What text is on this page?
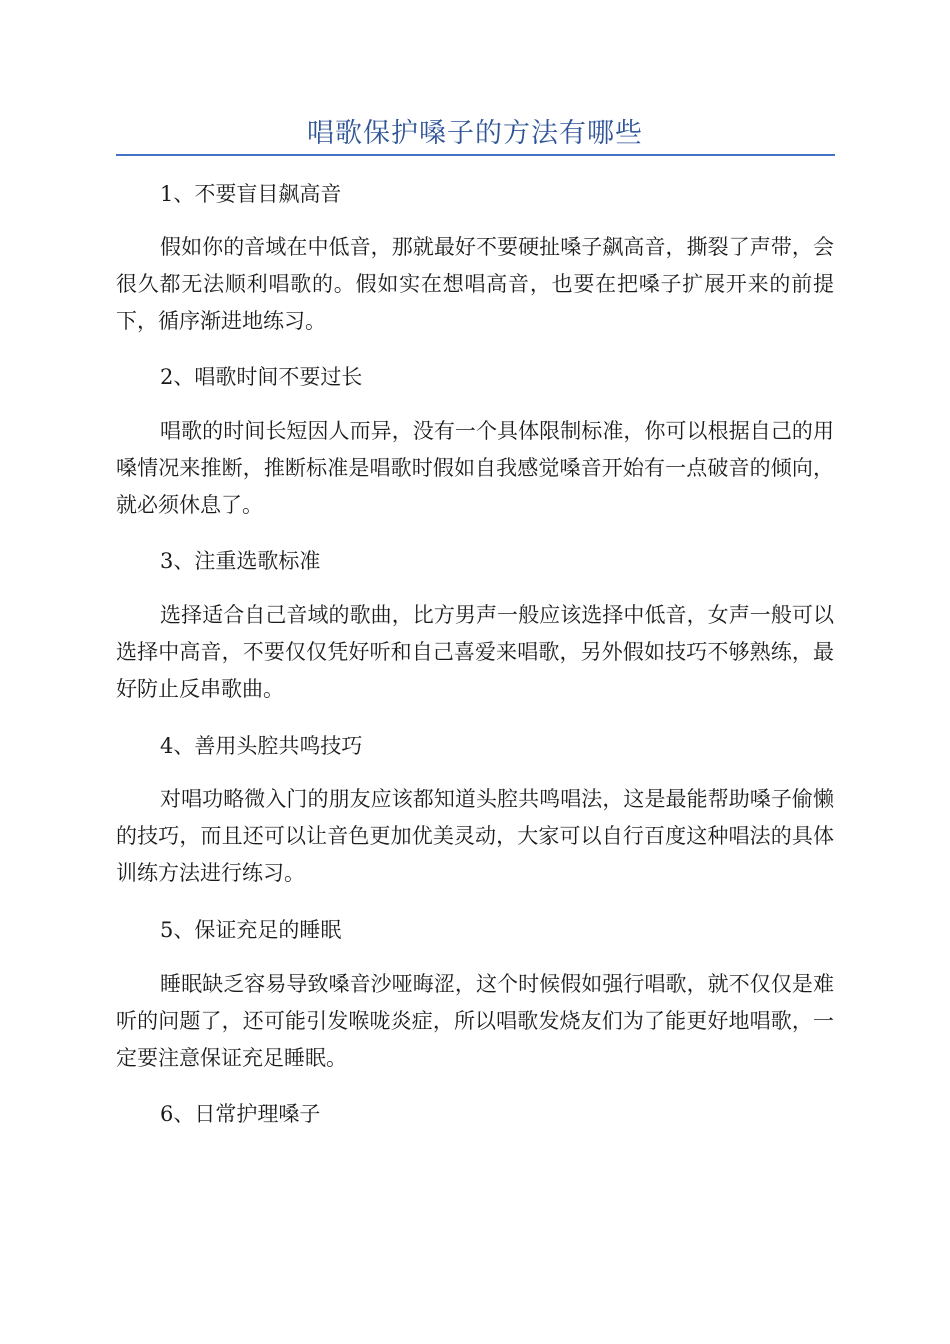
唱歌保护嗓子的方法有哪些

1、不要盲目飙高音

假如你的音域在中低音，那就最好不要硬扯嗓子飙高音，撕裂了声带，会很久都无法顺利唱歌的。假如实在想唱高音，也要在把嗓子扩展开来的前提下，循序渐进地练习。

2、唱歌时间不要过长

唱歌的时间长短因人而异，没有一个具体限制标准，你可以根据自己的用嗓情况来推断，推断标准是唱歌时假如自我感觉嗓音开始有一点破音的倾向，就必须休息了。

3、注重选歌标准

选择适合自己音域的歌曲，比方男声一般应该选择中低音，女声一般可以选择中高音，不要仅仅凭好听和自己喜爱来唱歌，另外假如技巧不够熟练，最好防止反串歌曲。

4、善用头腔共鸣技巧

对唱功略微入门的朋友应该都知道头腔共鸣唱法，这是最能帮助嗓子偷懒的技巧，而且还可以让音色更加优美灵动，大家可以自行百度这种唱法的具体训练方法进行练习。

5、保证充足的睡眠

睡眠缺乏容易导致嗓音沙哑晦涩，这个时候假如强行唱歌，就不仅仅是难听的问题了，还可能引发喉咙炎症，所以唱歌发烧友们为了能更好地唱歌，一定要注意保证充足睡眠。

6、日常护理嗓子
